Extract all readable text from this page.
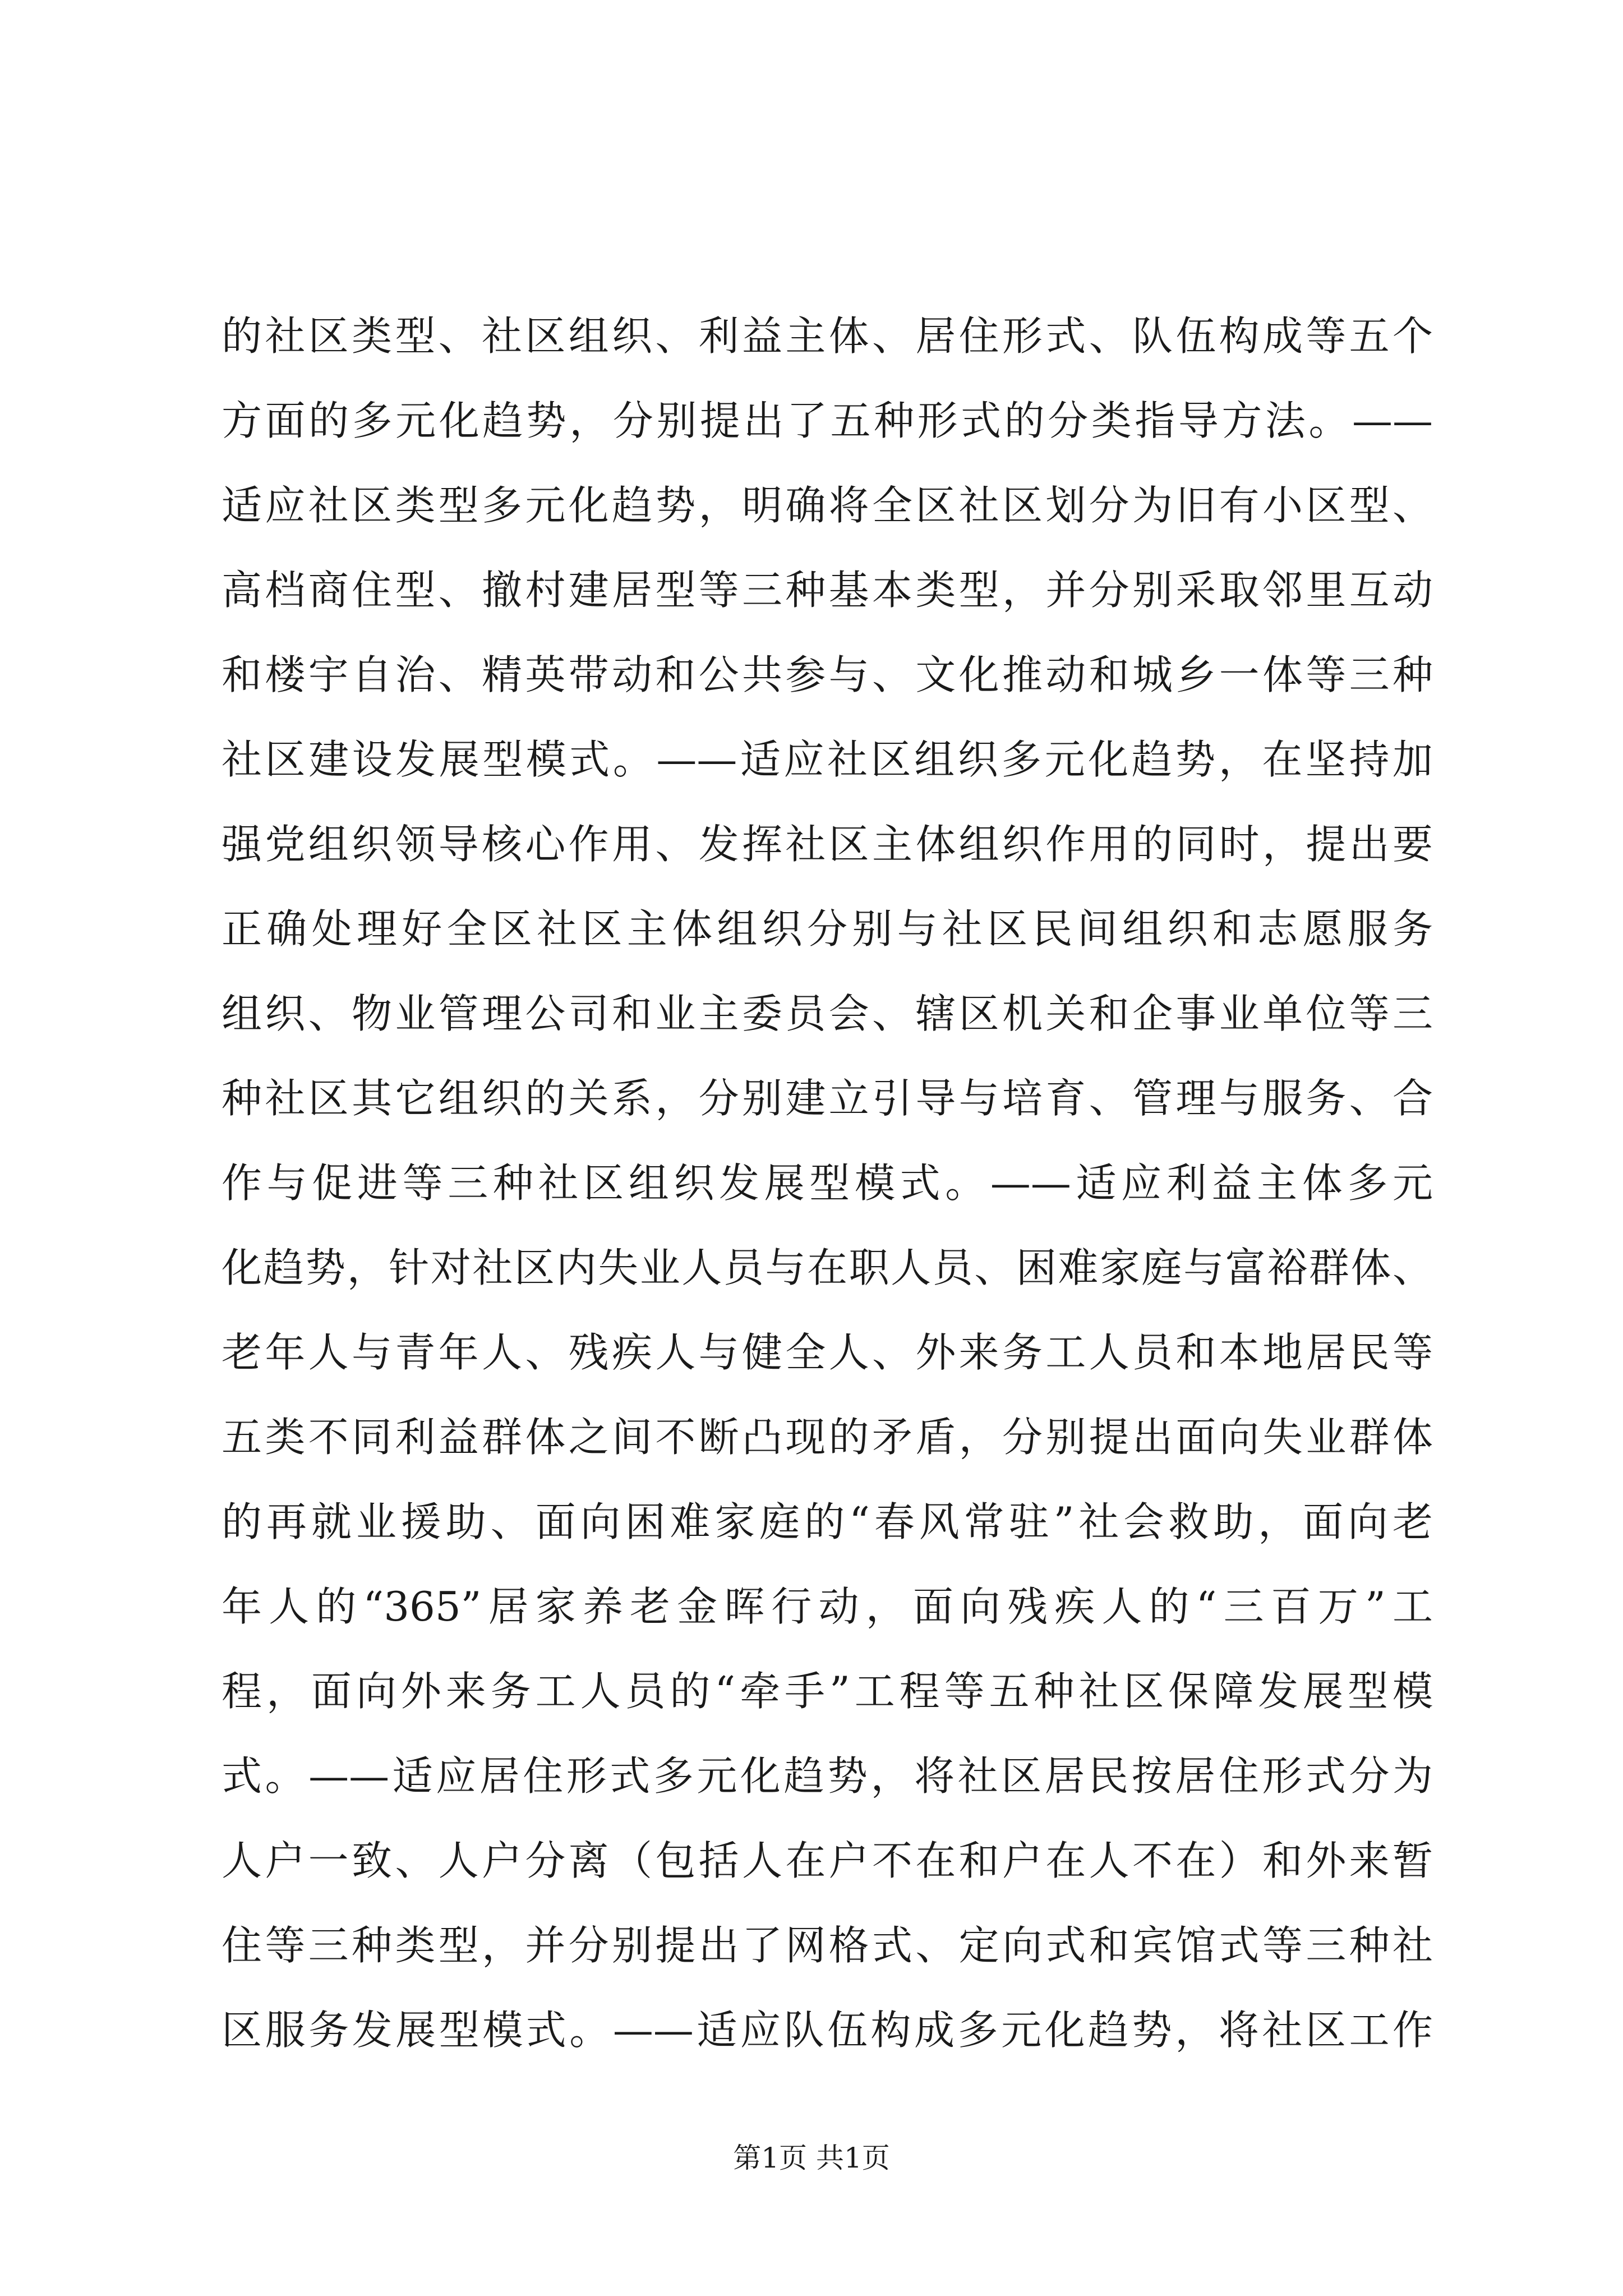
的社区类型、社区组织、利益主体、居住形式、队伍构成等五个
方面的多元化趋势，分别提出了五种形式的分类指导方法。——
适应社区类型多元化趋势，明确将全区社区划分为旧有小区型、
高档商住型、撤村建居型等三种基本类型，并分别采取邻里互动
和楼宇自治、精英带动和公共参与、文化推动和城乡一体等三种
社区建设发展型模式。——适应社区组织多元化趋势，在坚持加
强党组织领导核心作用、发挥社区主体组织作用的同时，提出要
正确处理好全区社区主体组织分别与社区民间组织和志愿服务
组织、物业管理公司和业主委员会、辖区机关和企事业单位等三
种社区其它组织的关系，分别建立引导与培育、管理与服务、合
作与促进等三种社区组织发展型模式。——适应利益主体多元
化趋势，针对社区内失业人员与在职人员、困难家庭与富裕群体、
老年人与青年人、残疾人与健全人、外来务工人员和本地居民等
五类不同利益群体之间不断凸现的矛盾，分别提出面向失业群体
的再就业援助、面向困难家庭的“春风常驻”社会救助，面向老
年人的“365”居家养老金晖行动，面向残疾人的“三百万”工
程，面向外来务工人员的“牵手”工程等五种社区保障发展型模
式。——适应居住形式多元化趋势，将社区居民按居住形式分为
人户一致、人户分离（包括人在户不在和户在人不在）和外来暂
住等三种类型，并分别提出了网格式、定向式和宾馆式等三种社
区服务发展型模式。——适应队伍构成多元化趋势，将社区工作
第1页 共1页
